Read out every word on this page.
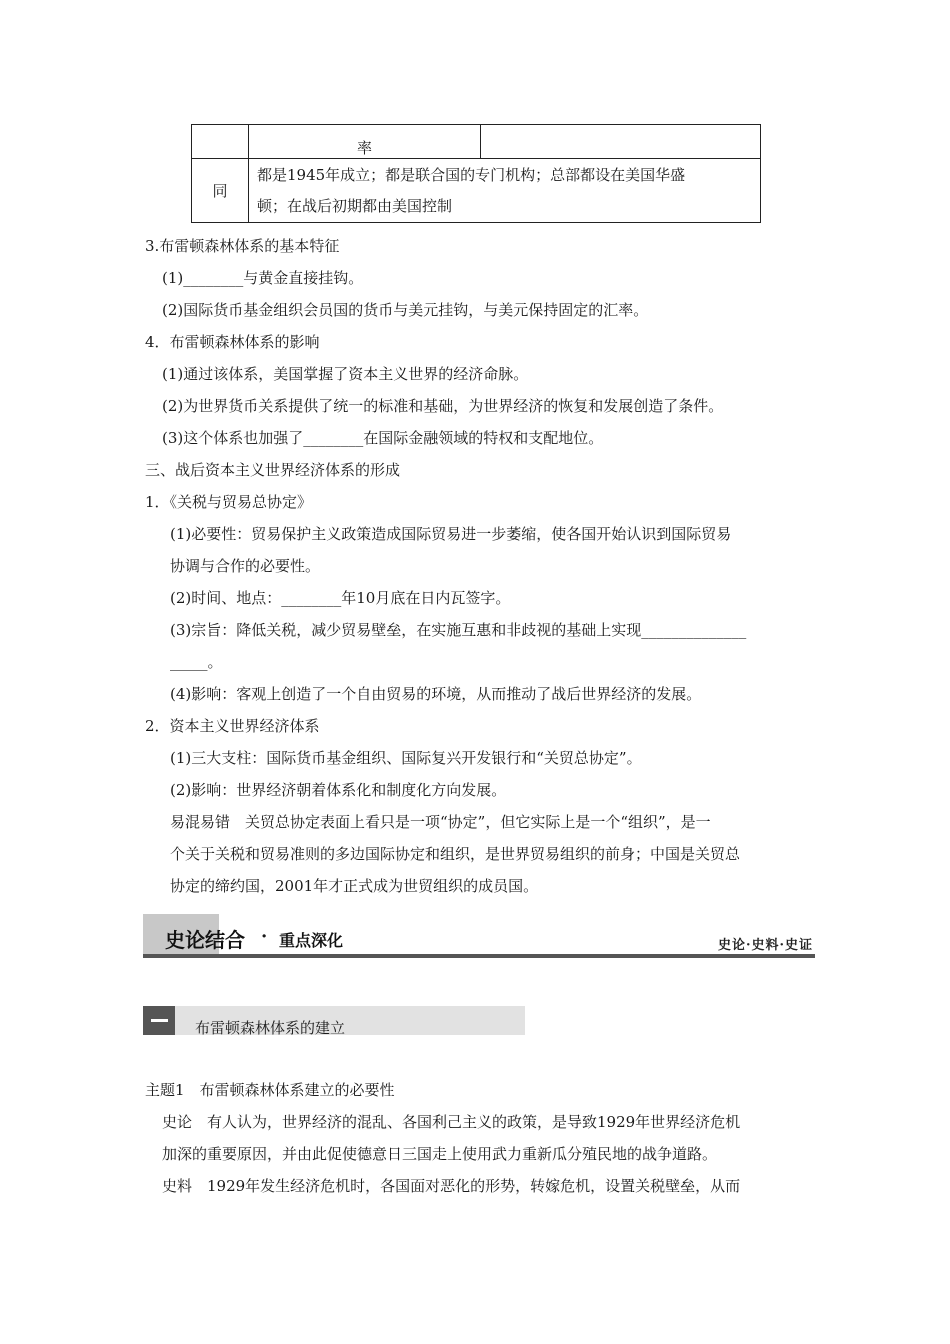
	率	
同	都是1945年成立；都是联合国的专门机构；总部都设在美国华盛
顿；在战后初期都由美国控制	
3.布雷顿森林体系的基本特征
(1)________与黄金直接挂钩。
(2)国际货币基金组织会员国的货币与美元挂钩，与美元保持固定的汇率。
4．布雷顿森林体系的影响
(1)通过该体系，美国掌握了资本主义世界的经济命脉。
(2)为世界货币关系提供了统一的标准和基础，为世界经济的恢复和发展创造了条件。
(3)这个体系也加强了________在国际金融领域的特权和支配地位。
三、战后资本主义世界经济体系的形成
1．《关税与贸易总协定》
(1)必要性：贸易保护主义政策造成国际贸易进一步萎缩，使各国开始认识到国际贸易
协调与合作的必要性。
(2)时间、地点：________年10月底在日内瓦签字。
(3)宗旨：降低关税，减少贸易壁垒，在实施互惠和非歧视的基础上实现______________
_____。
(4)影响：客观上创造了一个自由贸易的环境，从而推动了战后世界经济的发展。
2．资本主义世界经济体系
(1)三大支柱：国际货币基金组织、国际复兴开发银行和“关贸总协定”。
(2)影响：世界经济朝着体系化和制度化方向发展。
易混易错　关贸总协定表面上看只是一项“协定”，但它实际上是一个“组织”，是一
个关于关税和贸易准则的多边国际协定和组织，是世界贸易组织的前身；中国是关贸总
协定的缔约国，2001年才正式成为世贸组织的成员国。
史论结合 · 重点深化	史论·史料·史证
布雷顿森林体系的建立
主题1　布雷顿森林体系建立的必要性
史论　有人认为，世界经济的混乱、各国利己主义的政策，是导致1929年世界经济危机
加深的重要原因，并由此促使德意日三国走上使用武力重新瓜分殖民地的战争道路。
史料　1929年发生经济危机时，各国面对恶化的形势，转嫁危机，设置关税壁垒，从而
